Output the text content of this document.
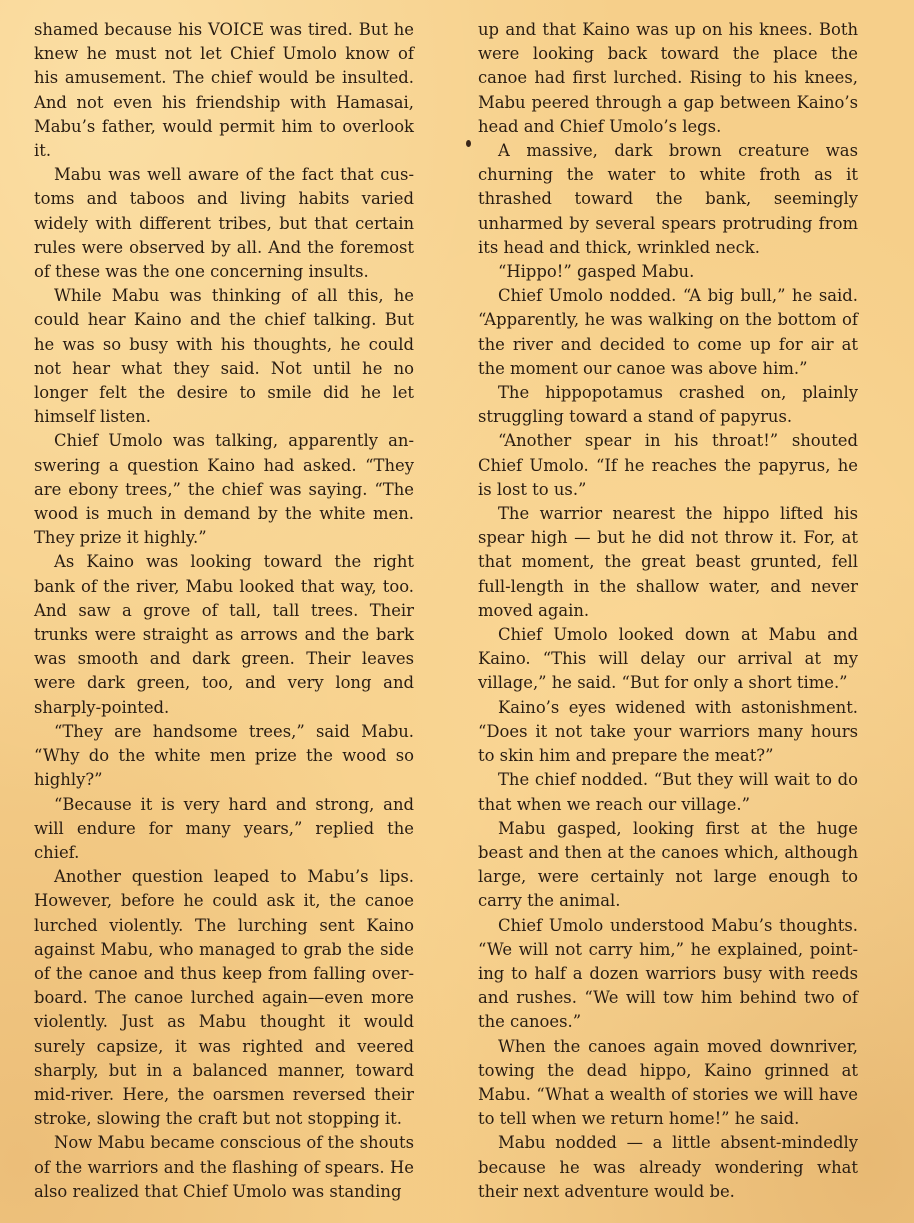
shamed because his VOICE was tired. But he knew he must not let Chief Umolo know of his amusement. The chief would be insulted. And not even his friendship with Hamasai, Mabu’s father, would permit him to overlook it.

Mabu was well aware of the fact that customs and taboos and living habits varied widely with different tribes, but that certain rules were observed by all. And the foremost of these was the one concerning insults.

While Mabu was thinking of all this, he could hear Kaino and the chief talking. But he was so busy with his thoughts, he could not hear what they said. Not until he no longer felt the desire to smile did he let himself listen.

Chief Umolo was talking, apparently answering a question Kaino had asked. “They are ebony trees,” the chief was saying. “The wood is much in demand by the white men. They prize it highly.”

As Kaino was looking toward the right bank of the river, Mabu looked that way, too. And saw a grove of tall, tall trees. Their trunks were straight as arrows and the bark was smooth and dark green. Their leaves were dark green, too, and very long and sharply-pointed.

“They are handsome trees,” said Mabu. “Why do the white men prize the wood so highly?”

“Because it is very hard and strong, and will endure for many years,” replied the chief.

Another question leaped to Mabu’s lips. However, before he could ask it, the canoe lurched violently. The lurching sent Kaino against Mabu, who managed to grab the side of the canoe and thus keep from falling overboard. The canoe lurched again—even more violently. Just as Mabu thought it would surely capsize, it was righted and veered sharply, but in a balanced manner, toward mid-river. Here, the oarsmen reversed their stroke, slowing the craft but not stopping it.

Now Mabu became conscious of the shouts of the warriors and the flashing of spears. He also realized that Chief Umolo was standing

up and that Kaino was up on his knees. Both were looking back toward the place the canoe had first lurched. Rising to his knees, Mabu peered through a gap between Kaino’s head and Chief Umolo’s legs.

A massive, dark brown creature was churning the water to white froth as it thrashed toward the bank, seemingly unharmed by several spears protruding from its head and thick, wrinkled neck.

“Hippo!” gasped Mabu.

Chief Umolo nodded. “A big bull,” he said. “Apparently, he was walking on the bottom of the river and decided to come up for air at the moment our canoe was above him.”

The hippopotamus crashed on, plainly struggling toward a stand of papyrus.

“Another spear in his throat!” shouted Chief Umolo. “If he reaches the papyrus, he is lost to us.”

The warrior nearest the hippo lifted his spear high — but he did not throw it. For, at that moment, the great beast grunted, fell full-length in the shallow water, and never moved again.

Chief Umolo looked down at Mabu and Kaino. “This will delay our arrival at my village,” he said. “But for only a short time.”

Kaino’s eyes widened with astonishment. “Does it not take your warriors many hours to skin him and prepare the meat?”

The chief nodded. “But they will wait to do that when we reach our village.”

Mabu gasped, looking first at the huge beast and then at the canoes which, although large, were certainly not large enough to carry the animal.

Chief Umolo understood Mabu’s thoughts. “We will not carry him,” he explained, pointing to half a dozen warriors busy with reeds and rushes. “We will tow him behind two of the canoes.”

When the canoes again moved downriver, towing the dead hippo, Kaino grinned at Mabu. “What a wealth of stories we will have to tell when we return home!” he said.

Mabu nodded — a little absent-mindedly because he was already wondering what their next adventure would be.
